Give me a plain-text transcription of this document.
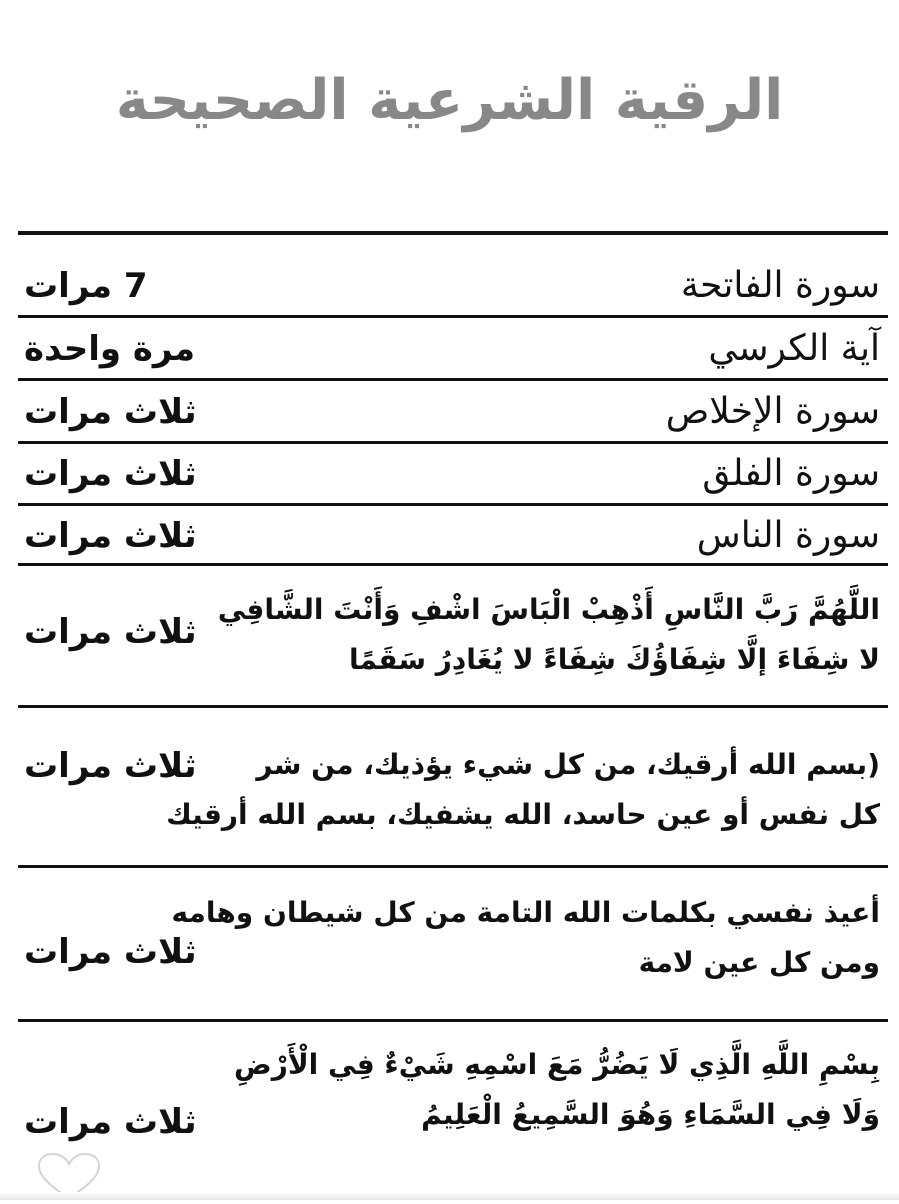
الرقية الشرعية الصحيحة
سورة الفاتحة
7 مرات
آية الكرسي
مرة واحدة
سورة الإخلاص
ثلاث مرات
سورة الفلق
ثلاث مرات
سورة الناس
ثلاث مرات
اللَّهُمَّ رَبَّ النَّاسِ أَذْهِبْ الْبَاسَ اشْفِ وَأَنْتَ الشَّافِي
لا شِفَاءَ إلَّا شِفَاؤُكَ شِفَاءً لا يُغَادِرُ سَقَمًا
ثلاث مرات
(بسم الله أرقيك، من كل شيء يؤذيك، من شر
كل نفس أو عين حاسد، الله يشفيك، بسم الله أرقيك
ثلاث مرات
أعيذ نفسي بكلمات الله التامة من كل شيطان وهامه
ومن كل عين لامة
ثلاث مرات
بِسْمِ اللَّهِ الَّذِي لَا يَضُرُّ مَعَ اسْمِهِ شَيْءٌ فِي الْأَرْضِ
وَلَا فِي السَّمَاءِ وَهُوَ السَّمِيعُ الْعَلِيمُ
ثلاث مرات
